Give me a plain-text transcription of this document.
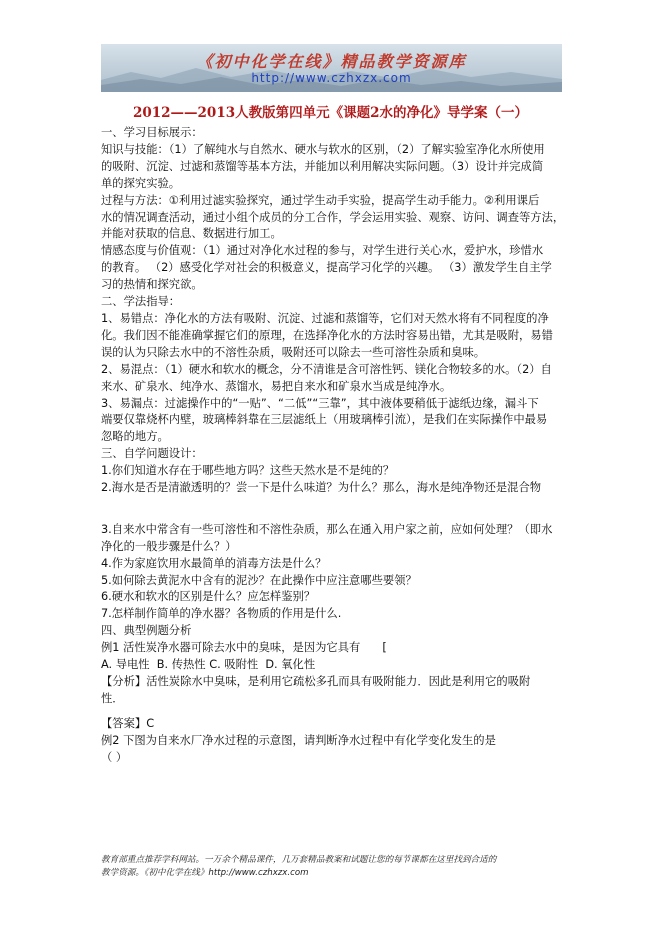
《初中化学在线》精品教学资源库
http://www.czhxzx.com
2012——2013人教版第四单元《课题2水的净化》导学案（一）

一、学习目标展示：

知识与技能：（1）了解纯水与自然水、硬水与软水的区别，（2）了解实验室净化水所使用

的吸附、沉淀、过滤和蒸馏等基本方法，并能加以利用解决实际问题。（3）设计并完成简

单的探究实验。

过程与方法：①利用过滤实验探究，通过学生动手实验，提高学生动手能力。②利用课后

水的情况调查活动，通过小组个成员的分工合作，学会运用实验、观察、访问、调查等方法，

并能对获取的信息、数据进行加工。

情感态度与价值观：（1）通过对净化水过程的参与，对学生进行关心水，爱护水，珍惜水

的教育。 （2）感受化学对社会的积极意义，提高学习化学的兴趣。 （3）激发学生自主学

习的热情和探究欲。

二、学法指导：

1、易错点：净化水的方法有吸附、沉淀、过滤和蒸馏等，它们对天然水将有不同程度的净

化。我们因不能准确掌握它们的原理，在选择净化水的方法时容易出错，尤其是吸附，易错

误的认为只除去水中的不溶性杂质，吸附还可以除去一些可溶性杂质和臭味。

2、易混点：（1）硬水和软水的概念，分不清谁是含可溶性钙、镁化合物较多的水。（2）自

来水、矿泉水、纯净水、蒸馏水，易把自来水和矿泉水当成是纯净水。

3、易漏点：过滤操作中的“一贴”、“二低”“三靠”，其中液体要稍低于滤纸边缘，漏斗下

端要仅靠烧杯内壁，玻璃棒斜靠在三层滤纸上（用玻璃棒引流），是我们在实际操作中最易

忽略的地方。

三、自学问题设计：

1.你们知道水存在于哪些地方吗？这些天然水是不是纯的？

2.海水是否是清澈透明的？尝一下是什么味道？为什么？那么，海水是纯净物还是混合物

3.自来水中常含有一些可溶性和不溶性杂质，那么在通入用户家之前，应如何处理？（即水

净化的一般步骤是什么？）

4.作为家庭饮用水最简单的消毒方法是什么？

5.如何除去黄泥水中含有的泥沙？在此操作中应注意哪些要领？

6.硬水和软水的区别是什么？应怎样鉴别？

7.怎样制作简单的净水器？各物质的作用是什么.

四、典型例题分析

例1 活性炭净水器可除去水中的臭味，是因为它具有 [

A. 导电性  B. 传热性 C. 吸附性  D. 氧化性

【分析】活性炭除水中臭味，是利用它疏松多孔而具有吸附能力．因此是利用它的吸附

性．

【答案】C

例2 下图为自来水厂净水过程的示意图，请判断净水过程中有化学变化发生的是

（ ）

教育部重点推荐学科网站。一万余个精品课件，几万套精品教案和试题让您的每节课都在这里找到合适的
教学资源。《初中化学在线》http://www.czhxzx.com
